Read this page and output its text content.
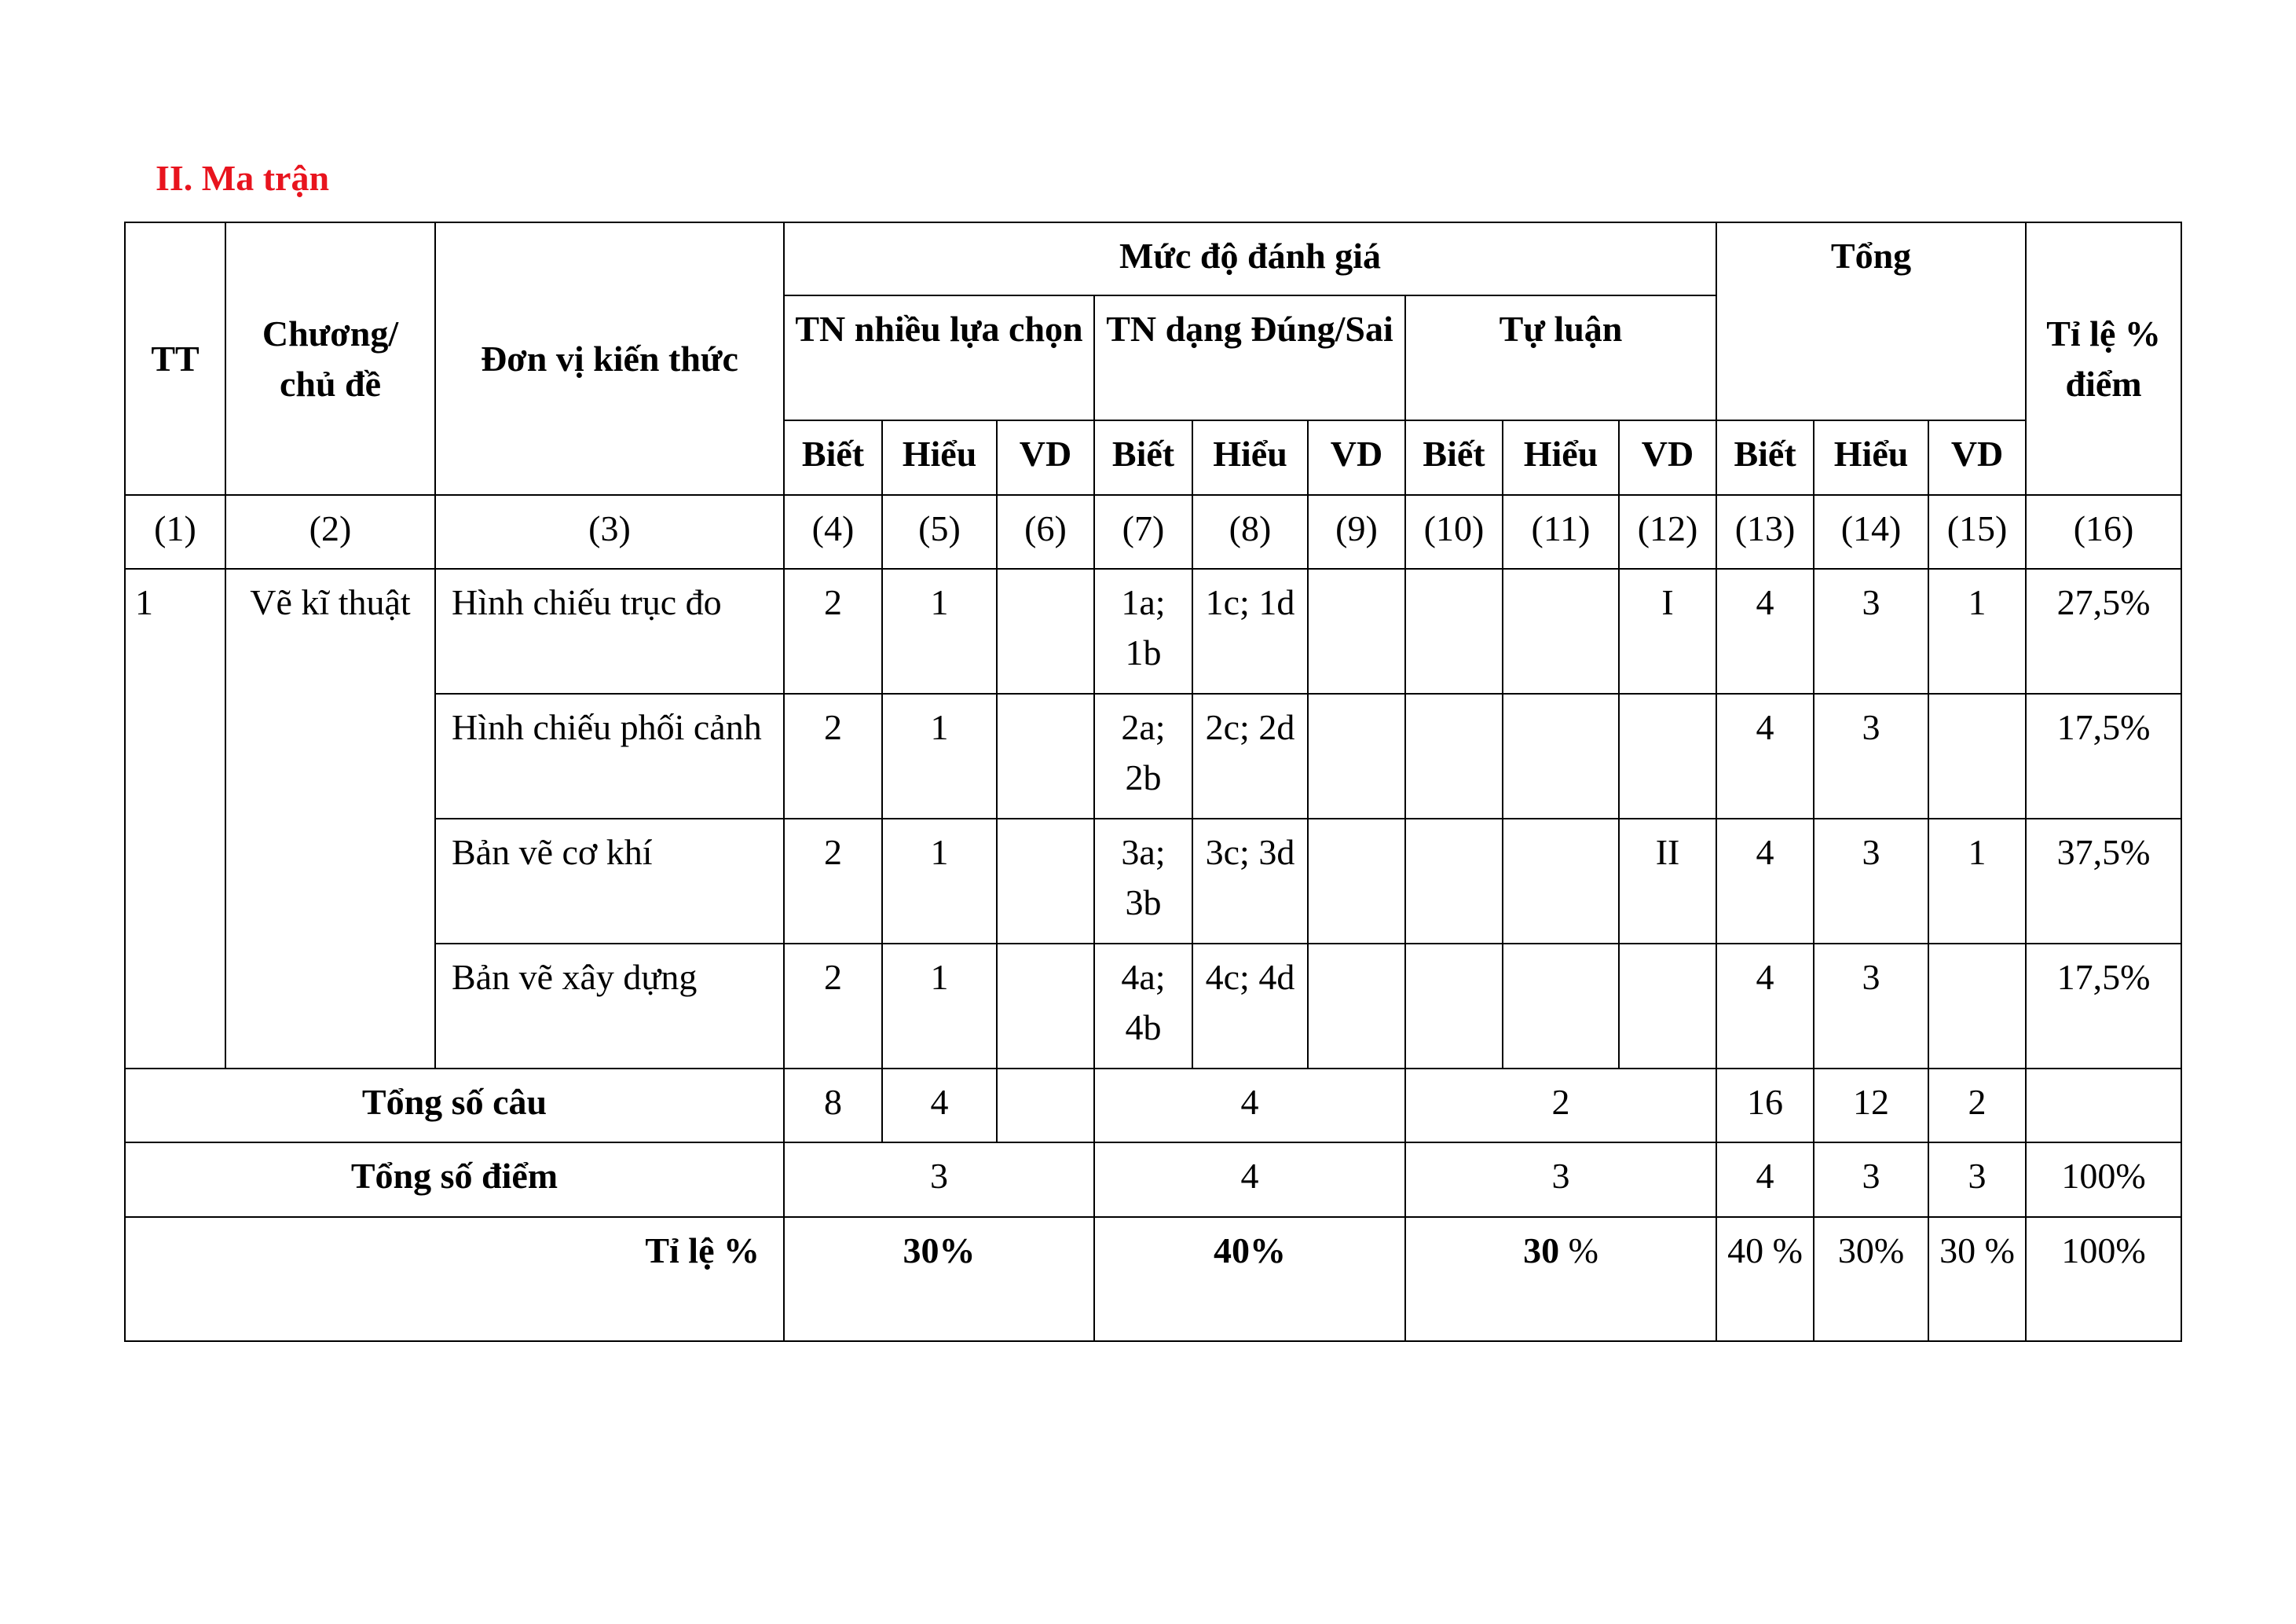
II. Ma trận
TT	Chương/ chủ đề	Đơn vị kiến thức	Mức độ đánh giá									Tổng			Tỉ lệ % điểm
			TN nhiều lựa chọn			TN dạng Đúng/Sai			Tự luận						
			Biết	Hiểu	VD	Biết	Hiểu	VD	Biết	Hiểu	VD	Biết	Hiểu	VD	
(1)	(2)	(3)	(4)	(5)	(6)	(7)	(8)	(9)	(10)	(11)	(12)	(13)	(14)	(15)	(16)
1	Vẽ kĩ thuật	Hình chiếu trục đo	2	1		1a; 1b	1c; 1d				I	4	3	1	27,5%
		Hình chiếu phối cảnh	2	1		2a; 2b	2c; 2d					4	3		17,5%
		Bản vẽ cơ khí	2	1		3a; 3b	3c; 3d				II	4	3	1	37,5%
		Bản vẽ xây dựng	2	1		4a; 4b	4c; 4d					4	3		17,5%
Tổng số câu			8	4		4			2			16	12	2	
Tổng số điểm			3			4			3			4	3	3	100%
Tỉ lệ %			30%			40%			30 %			40 %	30%	30 %	100%
